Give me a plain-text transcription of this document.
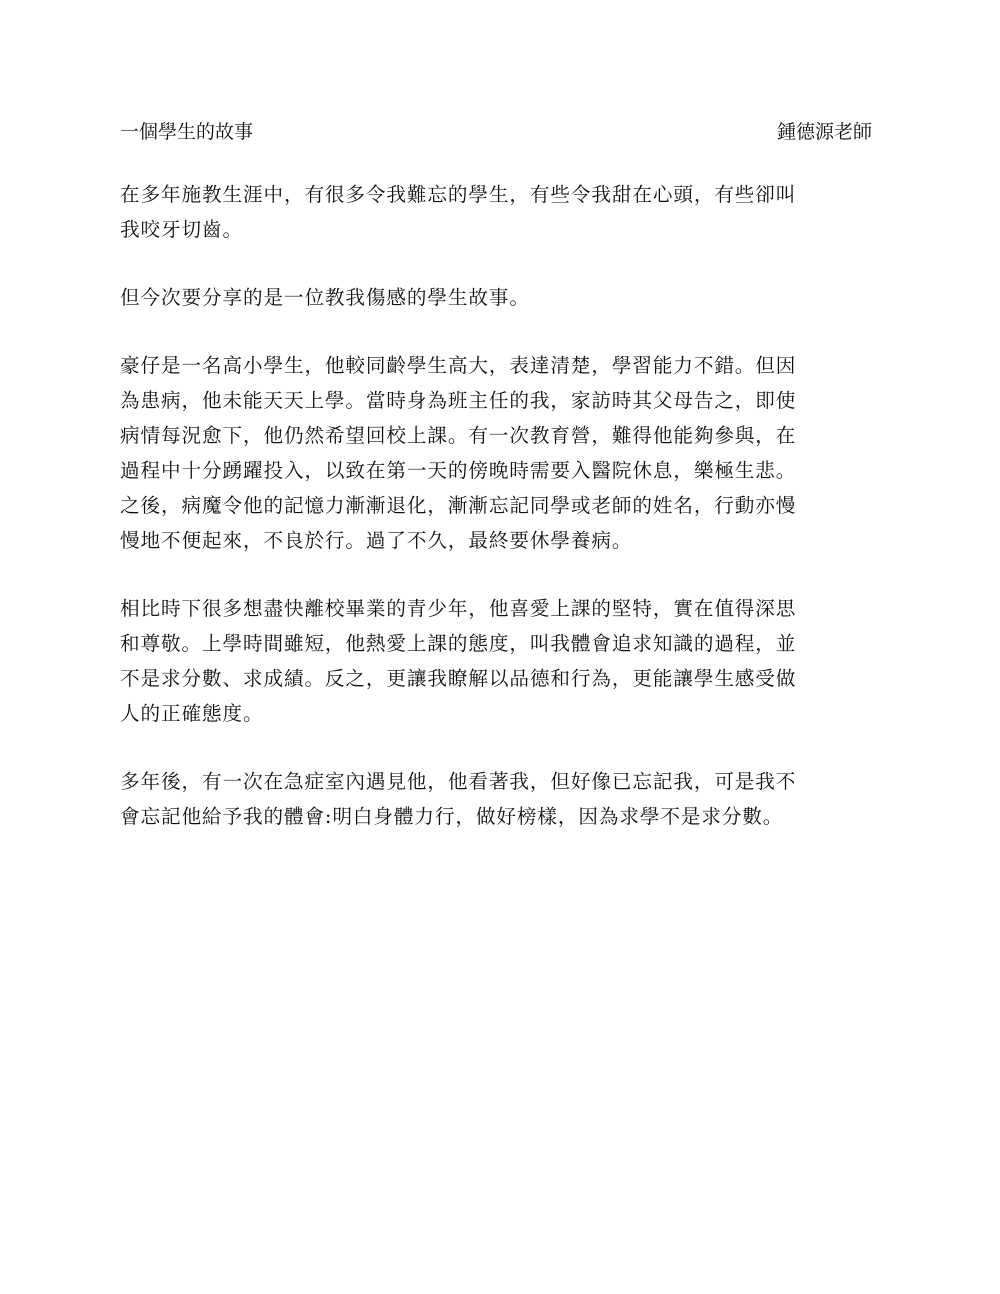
一個學生的故事	鍾德源老師

在多年施教生涯中，有很多令我難忘的學生，有些令我甜在心頭，有些卻叫
我咬牙切齒。

但今次要分享的是一位教我傷感的學生故事。

豪仔是一名高小學生，他較同齡學生高大，表達清楚，學習能力不錯。但因
為患病，他未能天天上學。當時身為班主任的我，家訪時其父母告之，即使
病情每況愈下，他仍然希望回校上課。有一次教育營，難得他能夠參與，在
過程中十分踴躍投入，以致在第一天的傍晚時需要入醫院休息，樂極生悲。
之後，病魔令他的記憶力漸漸退化，漸漸忘記同學或老師的姓名，行動亦慢
慢地不便起來，不良於行。過了不久，最終要休學養病。

相比時下很多想盡快離校畢業的青少年，他喜愛上課的堅特，實在值得深思
和尊敬。上學時間雖短，他熱愛上課的態度，叫我體會追求知識的過程，並
不是求分數、求成績。反之，更讓我瞭解以品德和行為，更能讓學生感受做
人的正確態度。

多年後，有一次在急症室內遇見他，他看著我，但好像已忘記我，可是我不
會忘記他給予我的體會:明白身體力行，做好榜樣，因為求學不是求分數。
